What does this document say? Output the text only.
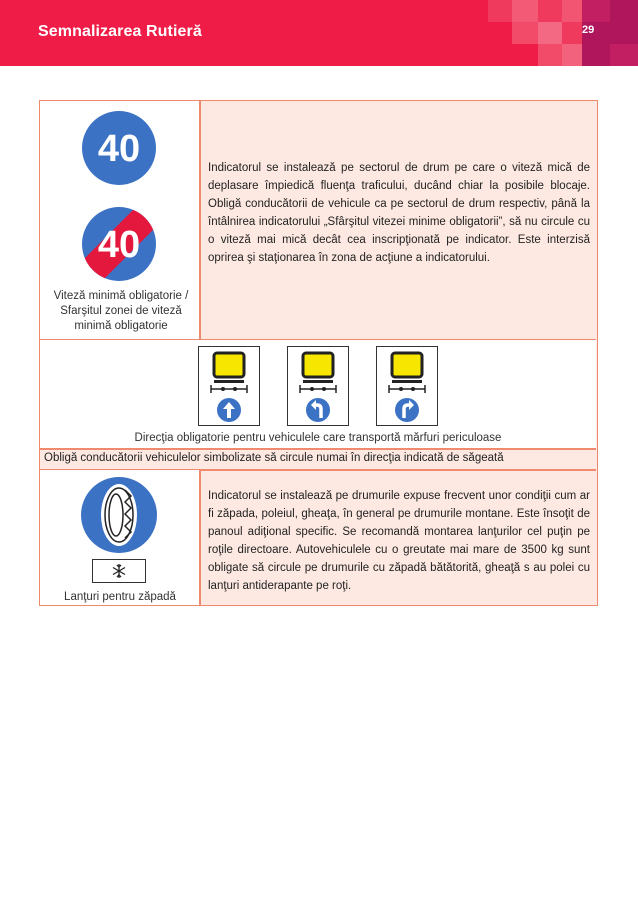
Semnalizarea Rutieră	29
40
40
Viteză minimă obligatorie / Sfarşitul zonei de viteză minimă obligatorie
Indicatorul se instalează pe sectorul de drum pe care o viteză mică de deplasare împiedică fluenţa traficului, ducând chiar la posibile blocaje. Obligă conducătorii de vehicule ca pe sectorul de drum respectiv, până la întâlnirea indicatorului „Sfârşitul vitezei minime obligatorii”, să nu circule cu o viteză mai mică decât cea inscripţionată pe indicator. Este interzisă oprirea şi staţionarea în zona de acţiune a indicatorului.
Direcţia obligatorie pentru vehiculele care transportă mărfuri periculoase
Obligă conducătorii vehiculelor simbolizate să circule numai în direcţia indicată de săgeată
Lanţuri pentru zăpadă
Indicatorul se instalează pe drumurile expuse frecvent unor condiţii cum ar fi zăpada, poleiul, gheaţa, în general pe drumurile montane. Este însoţit de panoul adiţional specific. Se recomandă montarea lanţurilor cel puţin pe roţile directoare. Autovehiculele cu o greutate mai mare de 3500 kg sunt obligate să circule pe drumurile cu zăpadă bătătorită, gheaţă s au polei cu lanţuri antiderapante pe roţi.
